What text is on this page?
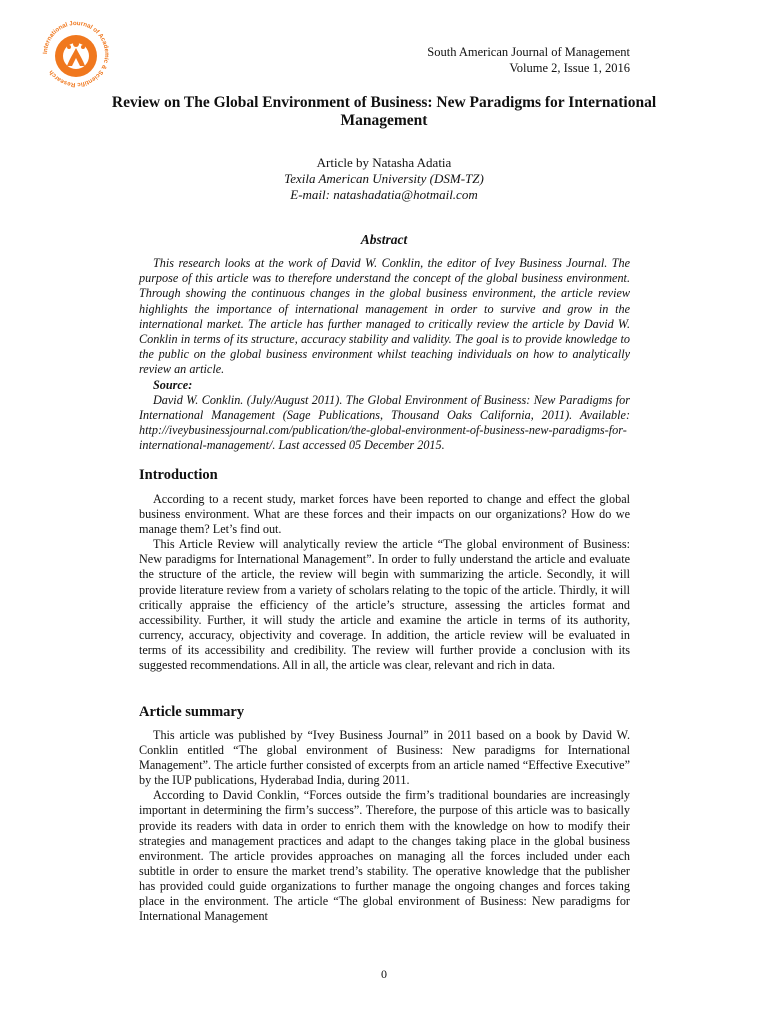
International Journal of Academic & Scientific Research
South American Journal of Management
Volume 2, Issue 1, 2016
Review on The Global Environment of Business: New Paradigms for International Management
Article by Natasha Adatia
Texila American University (DSM-TZ)
E-mail: natashadatia@hotmail.com
Abstract

This research looks at the work of David W. Conklin, the editor of Ivey Business Journal. The purpose of this article was to therefore understand the concept of the global business environment. Through showing the continuous changes in the global business environment, the article review highlights the importance of international management in order to survive and grow in the international market. The article has further managed to critically review the article by David W. Conklin in terms of its structure, accuracy stability and validity. The goal is to provide knowledge to the public on the global business environment whilst teaching individuals on how to analytically review an article.

Source:

David W. Conklin. (July/August 2011). The Global Environment of Business: New Paradigms for International Management (Sage Publications, Thousand Oaks California, 2011). Available: http://iveybusinessjournal.com/publication/the-global-environment-of-business-new-paradigms-for-international-management/. Last accessed 05 December 2015.

Introduction

According to a recent study, market forces have been reported to change and effect the global business environment. What are these forces and their impacts on our organizations? How do we manage them? Let’s find out.

This Article Review will analytically review the article “The global environment of Business: New paradigms for International Management”. In order to fully understand the article and evaluate the structure of the article, the review will begin with summarizing the article. Secondly, it will provide literature review from a variety of scholars relating to the topic of the article. Thirdly, it will critically appraise the efficiency of the article’s structure, assessing the articles format and accessibility. Further, it will study the article and examine the article in terms of its authority, currency, accuracy, objectivity and coverage. In addition, the article review will be evaluated in terms of its accessibility and credibility. The review will further provide a conclusion with its suggested recommendations. All in all, the article was clear, relevant and rich in data.

Article summary

This article was published by “Ivey Business Journal” in 2011 based on a book by David W. Conklin entitled “The global environment of Business: New paradigms for International Management”. The article further consisted of excerpts from an article named “Effective Executive” by the IUP publications, Hyderabad India, during 2011.

According to David Conklin, “Forces outside the firm’s traditional boundaries are increasingly important in determining the firm’s success”. Therefore, the purpose of this article was to basically provide its readers with data in order to enrich them with the knowledge on how to modify their strategies and management practices and adapt to the changes taking place in the global business environment. The article provides approaches on managing all the forces included under each subtitle in order to ensure the market trend’s stability. The operative knowledge that the publisher has provided could guide organizations to further manage the ongoing changes and forces taking place in the environment. The article “The global environment of Business: New paradigms for International Management

0
